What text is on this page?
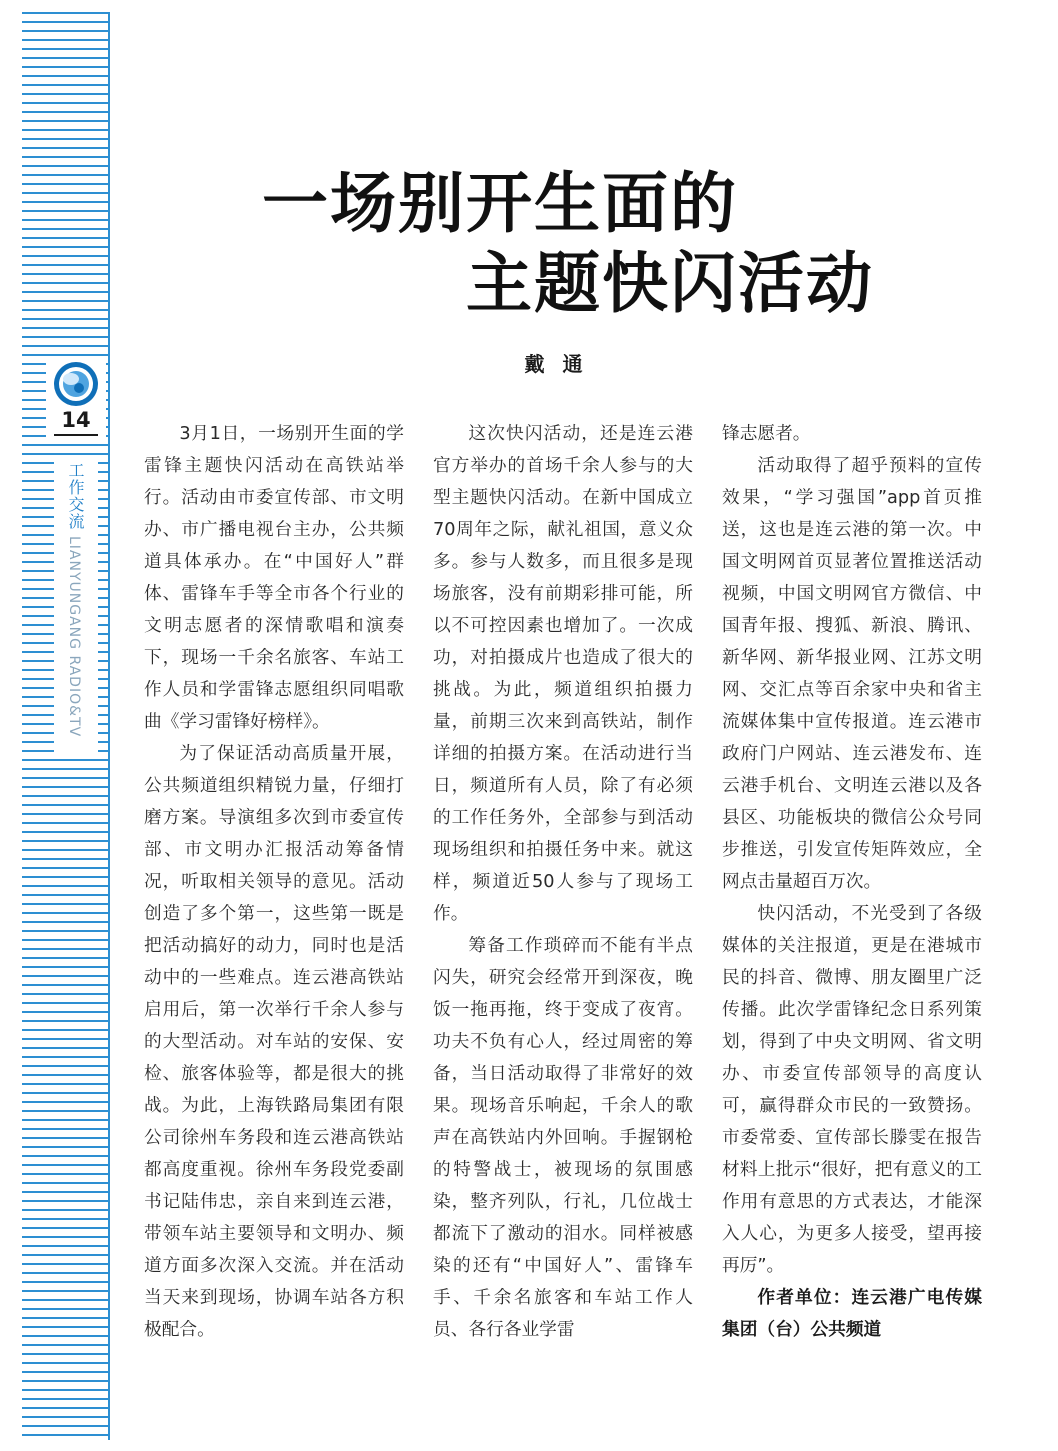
14
工作交流
LIANYUNGANG RADIO&TV
一场别开生面的
主题快闪活动
戴通

3月1日，一场别开生面的学雷锋主题快闪活动在高铁站举行。活动由市委宣传部、市文明办、市广播电视台主办，公共频道具体承办。在“中国好人”群体、雷锋车手等全市各个行业的文明志愿者的深情歌唱和演奏下，现场一千余名旅客、车站工作人员和学雷锋志愿组织同唱歌曲《学习雷锋好榜样》。

为了保证活动高质量开展，公共频道组织精锐力量，仔细打磨方案。导演组多次到市委宣传部、市文明办汇报活动筹备情况，听取相关领导的意见。活动创造了多个第一，这些第一既是把活动搞好的动力，同时也是活动中的一些难点。连云港高铁站启用后，第一次举行千余人参与的大型活动。对车站的安保、安检、旅客体验等，都是很大的挑战。为此，上海铁路局集团有限公司徐州车务段和连云港高铁站都高度重视。徐州车务段党委副书记陆伟忠，亲自来到连云港，带领车站主要领导和文明办、频道方面多次深入交流。并在活动当天来到现场，协调车站各方积极配合。

这次快闪活动，还是连云港官方举办的首场千余人参与的大型主题快闪活动。在新中国成立70周年之际，献礼祖国，意义众多。参与人数多，而且很多是现场旅客，没有前期彩排可能，所以不可控因素也增加了。一次成功，对拍摄成片也造成了很大的挑战。为此，频道组织拍摄力量，前期三次来到高铁站，制作详细的拍摄方案。在活动进行当日，频道所有人员，除了有必须的工作任务外，全部参与到活动现场组织和拍摄任务中来。就这样，频道近50人参与了现场工作。

筹备工作琐碎而不能有半点闪失，研究会经常开到深夜，晚饭一拖再拖，终于变成了夜宵。功夫不负有心人，经过周密的筹备，当日活动取得了非常好的效果。现场音乐响起，千余人的歌声在高铁站内外回响。手握钢枪的特警战士，被现场的氛围感染，整齐列队，行礼，几位战士都流下了激动的泪水。同样被感染的还有“中国好人”、雷锋车手、千余名旅客和车站工作人员、各行各业学雷

锋志愿者。

活动取得了超乎预料的宣传效果，“学习强国”app首页推送，这也是连云港的第一次。中国文明网首页显著位置推送活动视频，中国文明网官方微信、中国青年报、搜狐、新浪、腾讯、新华网、新华报业网、江苏文明网、交汇点等百余家中央和省主流媒体集中宣传报道。连云港市政府门户网站、连云港发布、连云港手机台、文明连云港以及各县区、功能板块的微信公众号同步推送，引发宣传矩阵效应，全网点击量超百万次。

快闪活动，不光受到了各级媒体的关注报道，更是在港城市民的抖音、微博、朋友圈里广泛传播。此次学雷锋纪念日系列策划，得到了中央文明网、省文明办、市委宣传部领导的高度认可，赢得群众市民的一致赞扬。市委常委、宣传部长滕雯在报告材料上批示“很好，把有意义的工作用有意思的方式表达，才能深入人心，为更多人接受，望再接再厉”。

作者单位：连云港广电传媒集团（台）公共频道
